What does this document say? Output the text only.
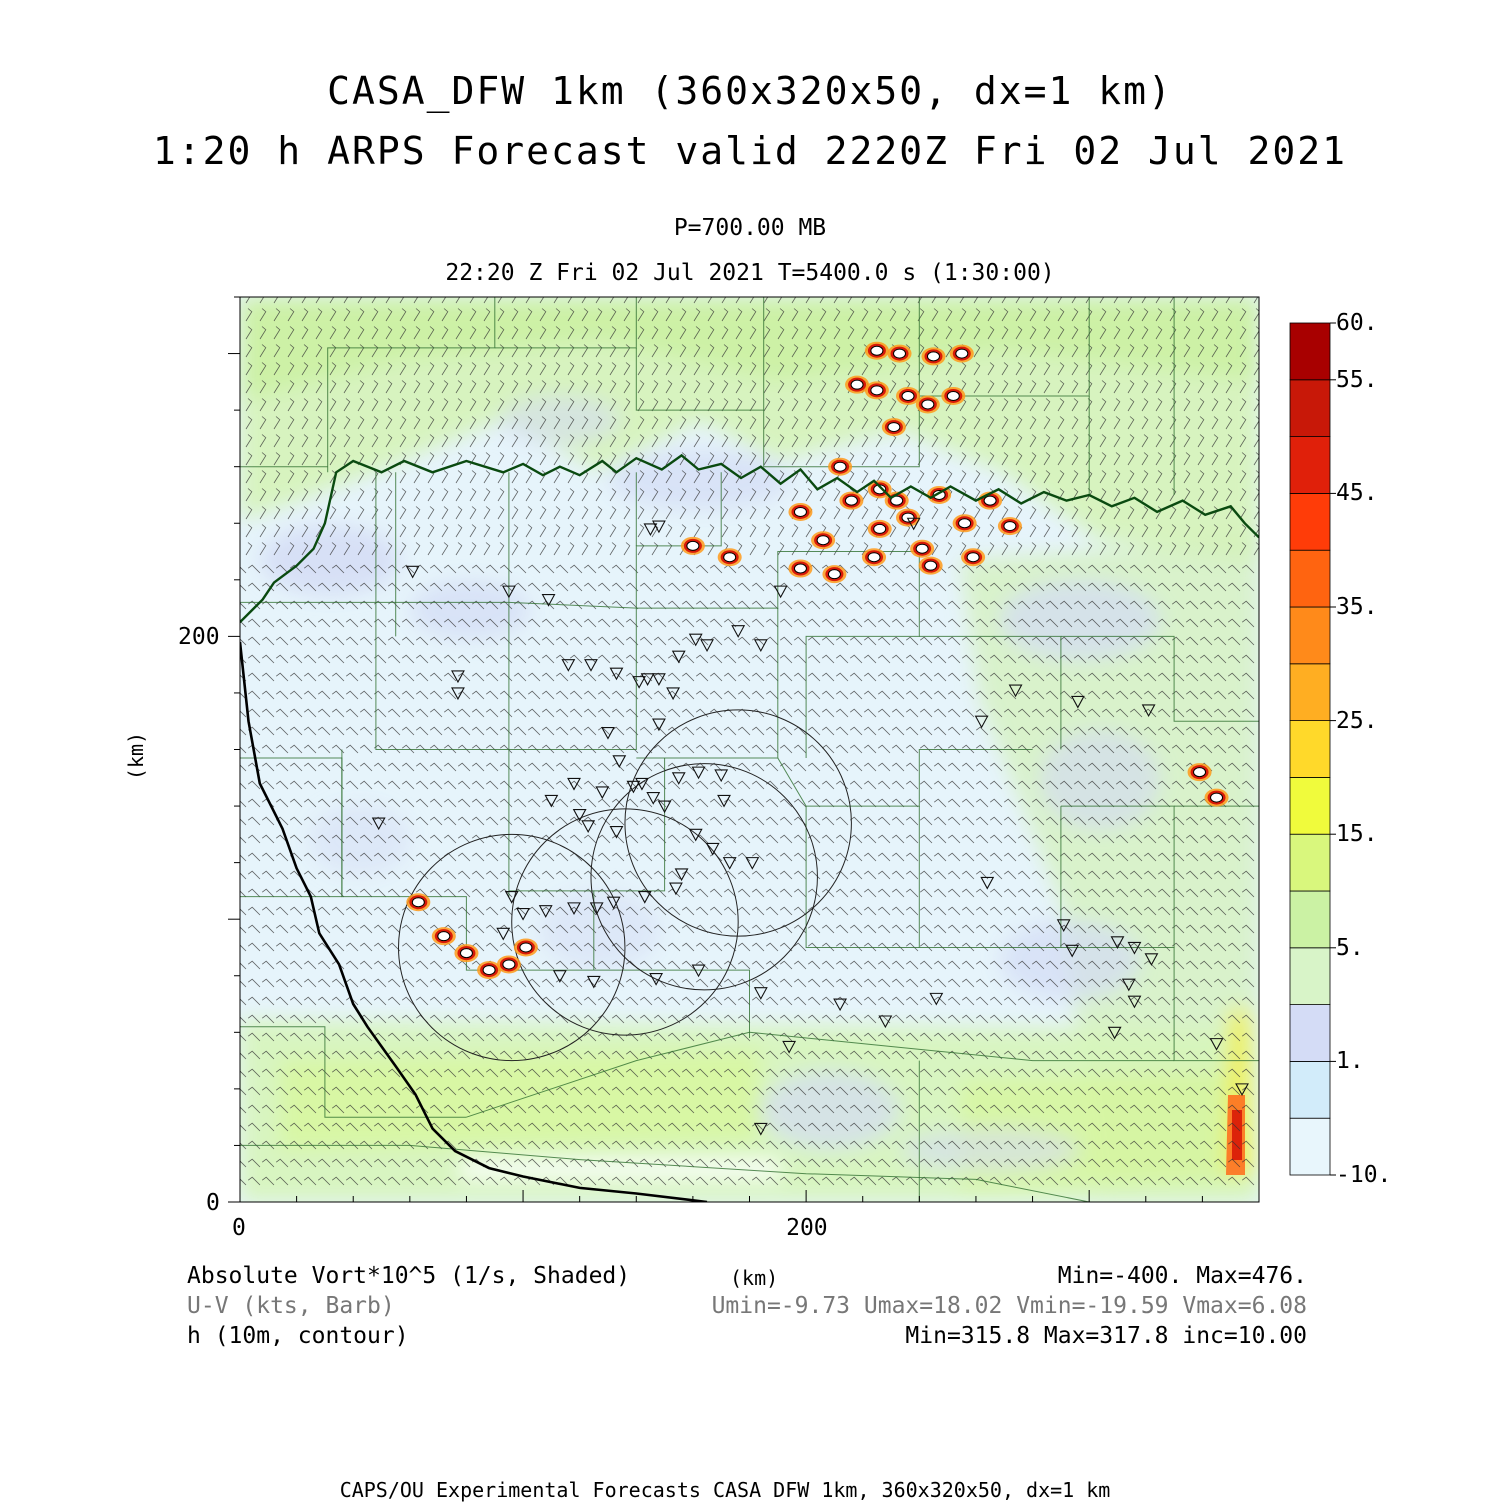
CASA_DFW 1km (360x320x50, dx=1 km)
1:20 h ARPS Forecast valid 2220Z Fri 02 Jul 2021
P=700.00 MB
22:20 Z Fri 02 Jul 2021 T=5400.0 s (1:30:00)
0	200
0
200
(km)
-10.
1.
5.
15.
25.
35.
45.
55.
60.
Absolute Vort*10^5 (1/s, Shaded)	(km)	Min=-400. Max=476.
U-V (kts, Barb)	Umin=-9.73 Umax=18.02 Vmin=-19.59 Vmax=6.08
h (10m, contour)	Min=315.8 Max=317.8 inc=10.00
CAPS/OU Experimental Forecasts CASA DFW 1km, 360x320x50, dx=1 km
